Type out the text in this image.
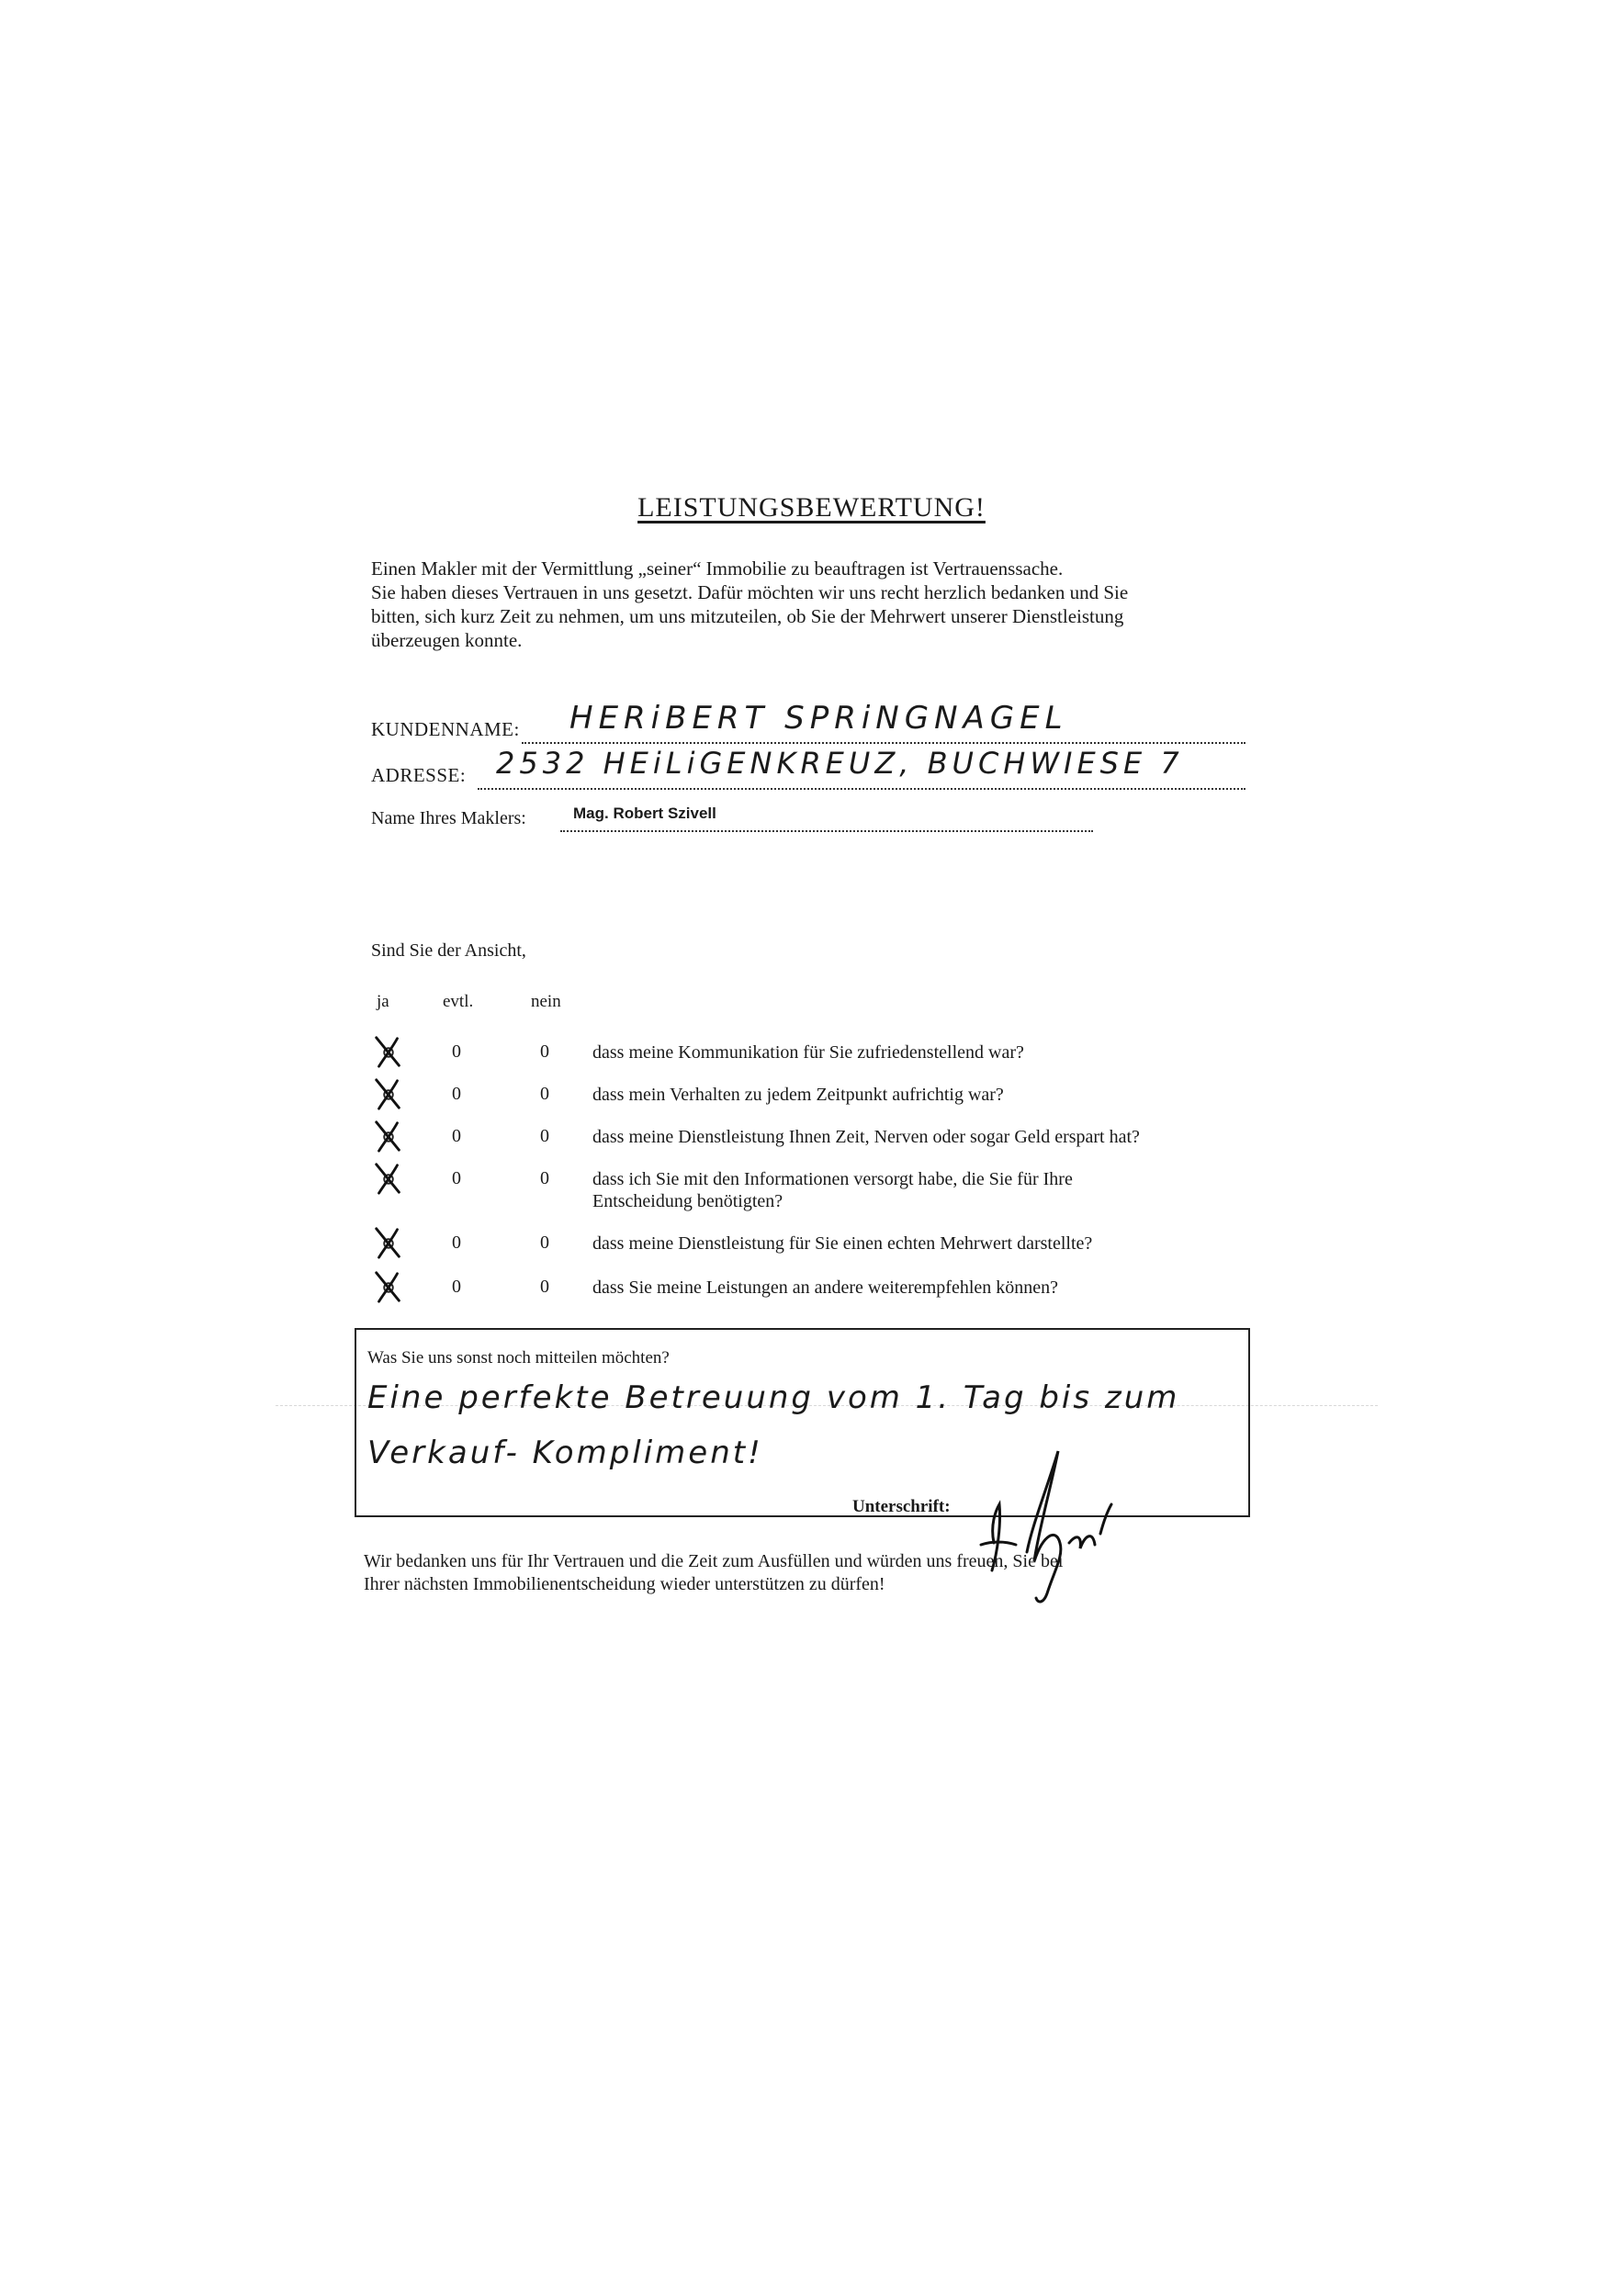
LEISTUNGSBEWERTUNG!

Einen Makler mit der Vermittlung „seiner“ Immobilie zu beauftragen ist Vertrauenssache.

Sie haben dieses Vertrauen in uns gesetzt. Dafür möchten wir uns recht herzlich bedanken und Sie

bitten, sich kurz Zeit zu nehmen, um uns mitzuteilen, ob Sie der Mehrwert unserer Dienstleistung

überzeugen konnte.

KUNDENNAME: HERiBERT SPRiNGNAGEL
ADRESSE: 2532 HEiLiGENKREUZ, BUCHWIESE 7
Name Ihres Maklers:	Mag. Robert Szivell
Sind Sie der Ansicht,
ja	evtl.	nein
0	0 dass meine Kommunikation für Sie zufriedenstellend war?
0	0 dass mein Verhalten zu jedem Zeitpunkt aufrichtig war?
0	0 dass meine Dienstleistung Ihnen Zeit, Nerven oder sogar Geld erspart hat?
0	0 dass ich Sie mit den Informationen versorgt habe, die Sie für Ihre Entscheidung benötigten?
0	0 dass meine Dienstleistung für Sie einen echten Mehrwert darstellte?
0	0 dass Sie meine Leistungen an andere weiterempfehlen können?
Was Sie uns sonst noch mitteilen möchten?
Eine perfekte Betreuung vom 1. Tag bis zum
Verkauf- Kompliment!
Unterschrift:

Wir bedanken uns für Ihr Vertrauen und die Zeit zum Ausfüllen und würden uns freuen, Sie bei

Ihrer nächsten Immobilienentscheidung wieder unterstützen zu dürfen!
